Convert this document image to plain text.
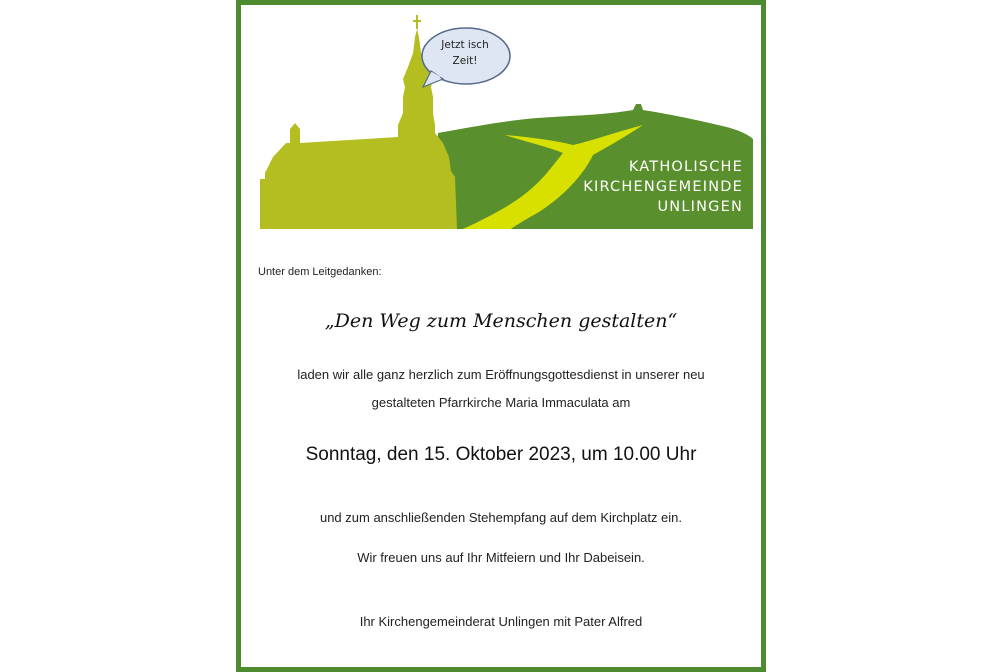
Jetzt isch
Zeit!
KATHOLISCHE
KIRCHENGEMEINDE
UNLINGEN
Unter dem Leitgedanken:
„Den Weg zum Menschen gestalten“
laden wir alle ganz herzlich zum Eröffnungsgottesdienst in unserer neu
gestalteten Pfarrkirche Maria Immaculata am
Sonntag, den 15. Oktober 2023, um 10.00 Uhr
und zum anschließenden Stehempfang auf dem Kirchplatz ein.
Wir freuen uns auf Ihr Mitfeiern und Ihr Dabeisein.
Ihr Kirchengemeinderat Unlingen mit Pater Alfred
